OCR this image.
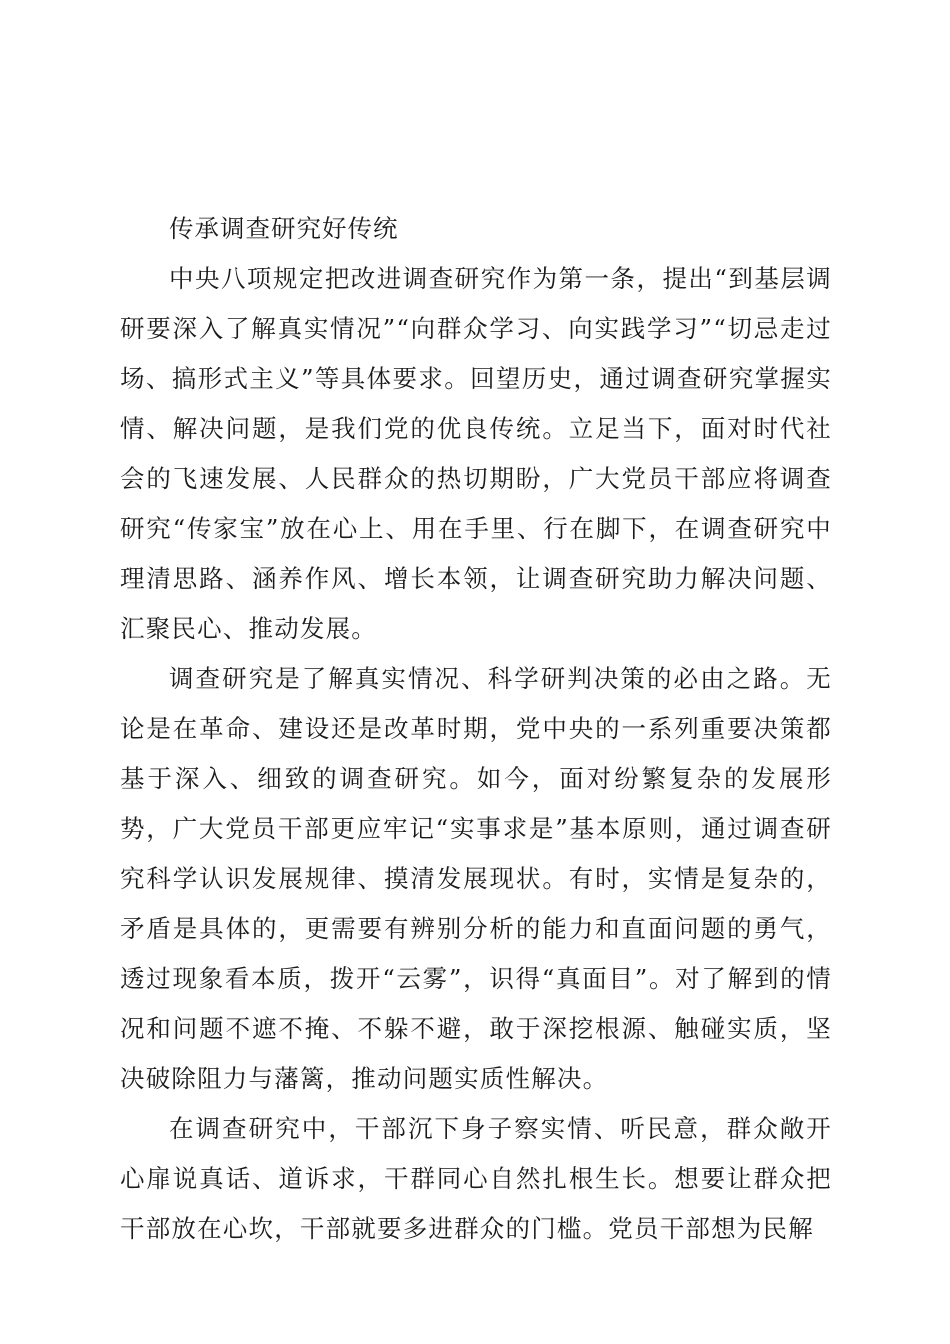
传承调查研究好传统

中央八项规定把改进调查研究作为第一条，提出“到基层调研要深入了解真实情况”“向群众学习、向实践学习”“切忌走过场、搞形式主义”等具体要求。回望历史，通过调查研究掌握实情、解决问题，是我们党的优良传统。立足当下，面对时代社会的飞速发展、人民群众的热切期盼，广大党员干部应将调查研究“传家宝”放在心上、用在手里、行在脚下，在调查研究中理清思路、涵养作风、增长本领，让调查研究助力解决问题、汇聚民心、推动发展。

调查研究是了解真实情况、科学研判决策的必由之路。无论是在革命、建设还是改革时期，党中央的一系列重要决策都基于深入、细致的调查研究。如今，面对纷繁复杂的发展形势，广大党员干部更应牢记“实事求是”基本原则，通过调查研究科学认识发展规律、摸清发展现状。有时，实情是复杂的，矛盾是具体的，更需要有辨别分析的能力和直面问题的勇气，透过现象看本质，拨开“云雾”，识得“真面目”。对了解到的情况和问题不遮不掩、不躲不避，敢于深挖根源、触碰实质，坚决破除阻力与藩篱，推动问题实质性解决。

在调查研究中，干部沉下身子察实情、听民意，群众敞开心扉说真话、道诉求，干群同心自然扎根生长。想要让群众把干部放在心坎，干部就要多进群众的门槛。党员干部想为民解
